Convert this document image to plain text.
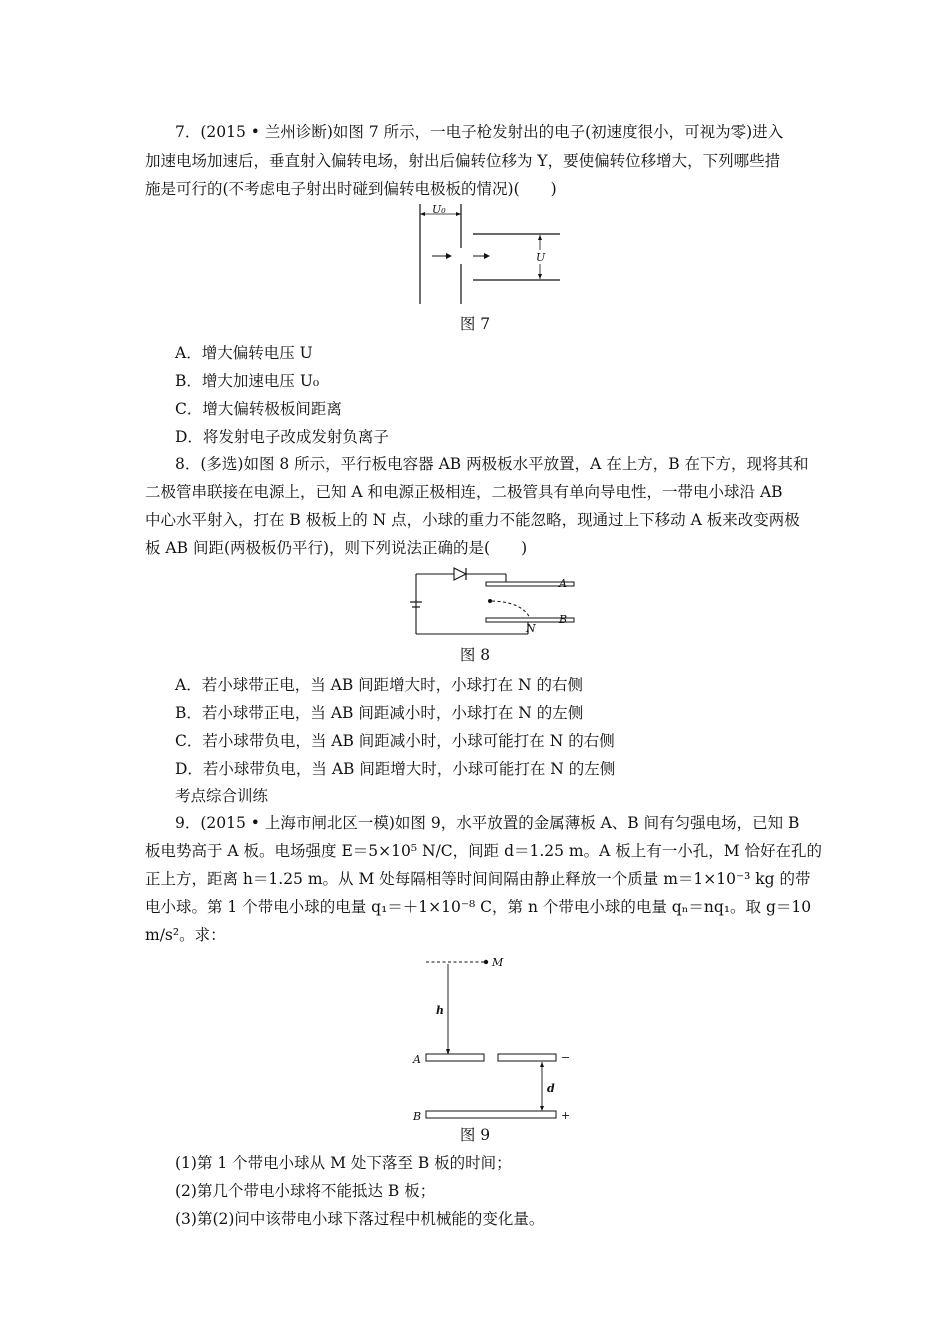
7．(2015 • 兰州诊断)如图 7 所示，一电子枪发射出的电子(初速度很小，可视为零)进入
加速电场加速后，垂直射入偏转电场，射出后偏转位移为 Y，要使偏转位移增大，下列哪些措
施是可行的(不考虑电子射出时碰到偏转电极板的情况)(　　)
U₀
U
图 7
A．增大偏转电压 U
B．增大加速电压 U₀
C．增大偏转极板间距离
D．将发射电子改成发射负离子
8．(多选)如图 8 所示，平行板电容器 AB 两极板水平放置，A 在上方，B 在下方，现将其和
二极管串联接在电源上，已知 A 和电源正极相连，二极管具有单向导电性，一带电小球沿 AB
中心水平射入，打在 B 极板上的 N 点，小球的重力不能忽略，现通过上下移动 A 板来改变两极
板 AB 间距(两极板仍平行)，则下列说法正确的是(　　)
A
B
N
图 8
A．若小球带正电，当 AB 间距增大时，小球打在 N 的右侧
B．若小球带正电，当 AB 间距减小时，小球打在 N 的左侧
C．若小球带负电，当 AB 间距减小时，小球可能打在 N 的右侧
D．若小球带负电，当 AB 间距增大时，小球可能打在 N 的左侧
考点综合训练
9．(2015 • 上海市闸北区一模)如图 9，水平放置的金属薄板 A、B 间有匀强电场，已知 B
板电势高于 A 板。电场强度 E＝5×10⁵ N/C，间距 d＝1.25 m。A 板上有一小孔，M 恰好在孔的
正上方，距离 h＝1.25 m。从 M 处每隔相等时间间隔由静止释放一个质量 m＝1×10⁻³ kg 的带
电小球。第 1 个带电小球的电量 q₁＝＋1×10⁻⁸ C，第 n 个带电小球的电量 qₙ＝nq₁。取 g＝10
m/s²。求：
M
h
A	−
d
B	+
图 9
(1)第 1 个带电小球从 M 处下落至 B 板的时间；
(2)第几个带电小球将不能抵达 B 板；
(3)第(2)问中该带电小球下落过程中机械能的变化量。
